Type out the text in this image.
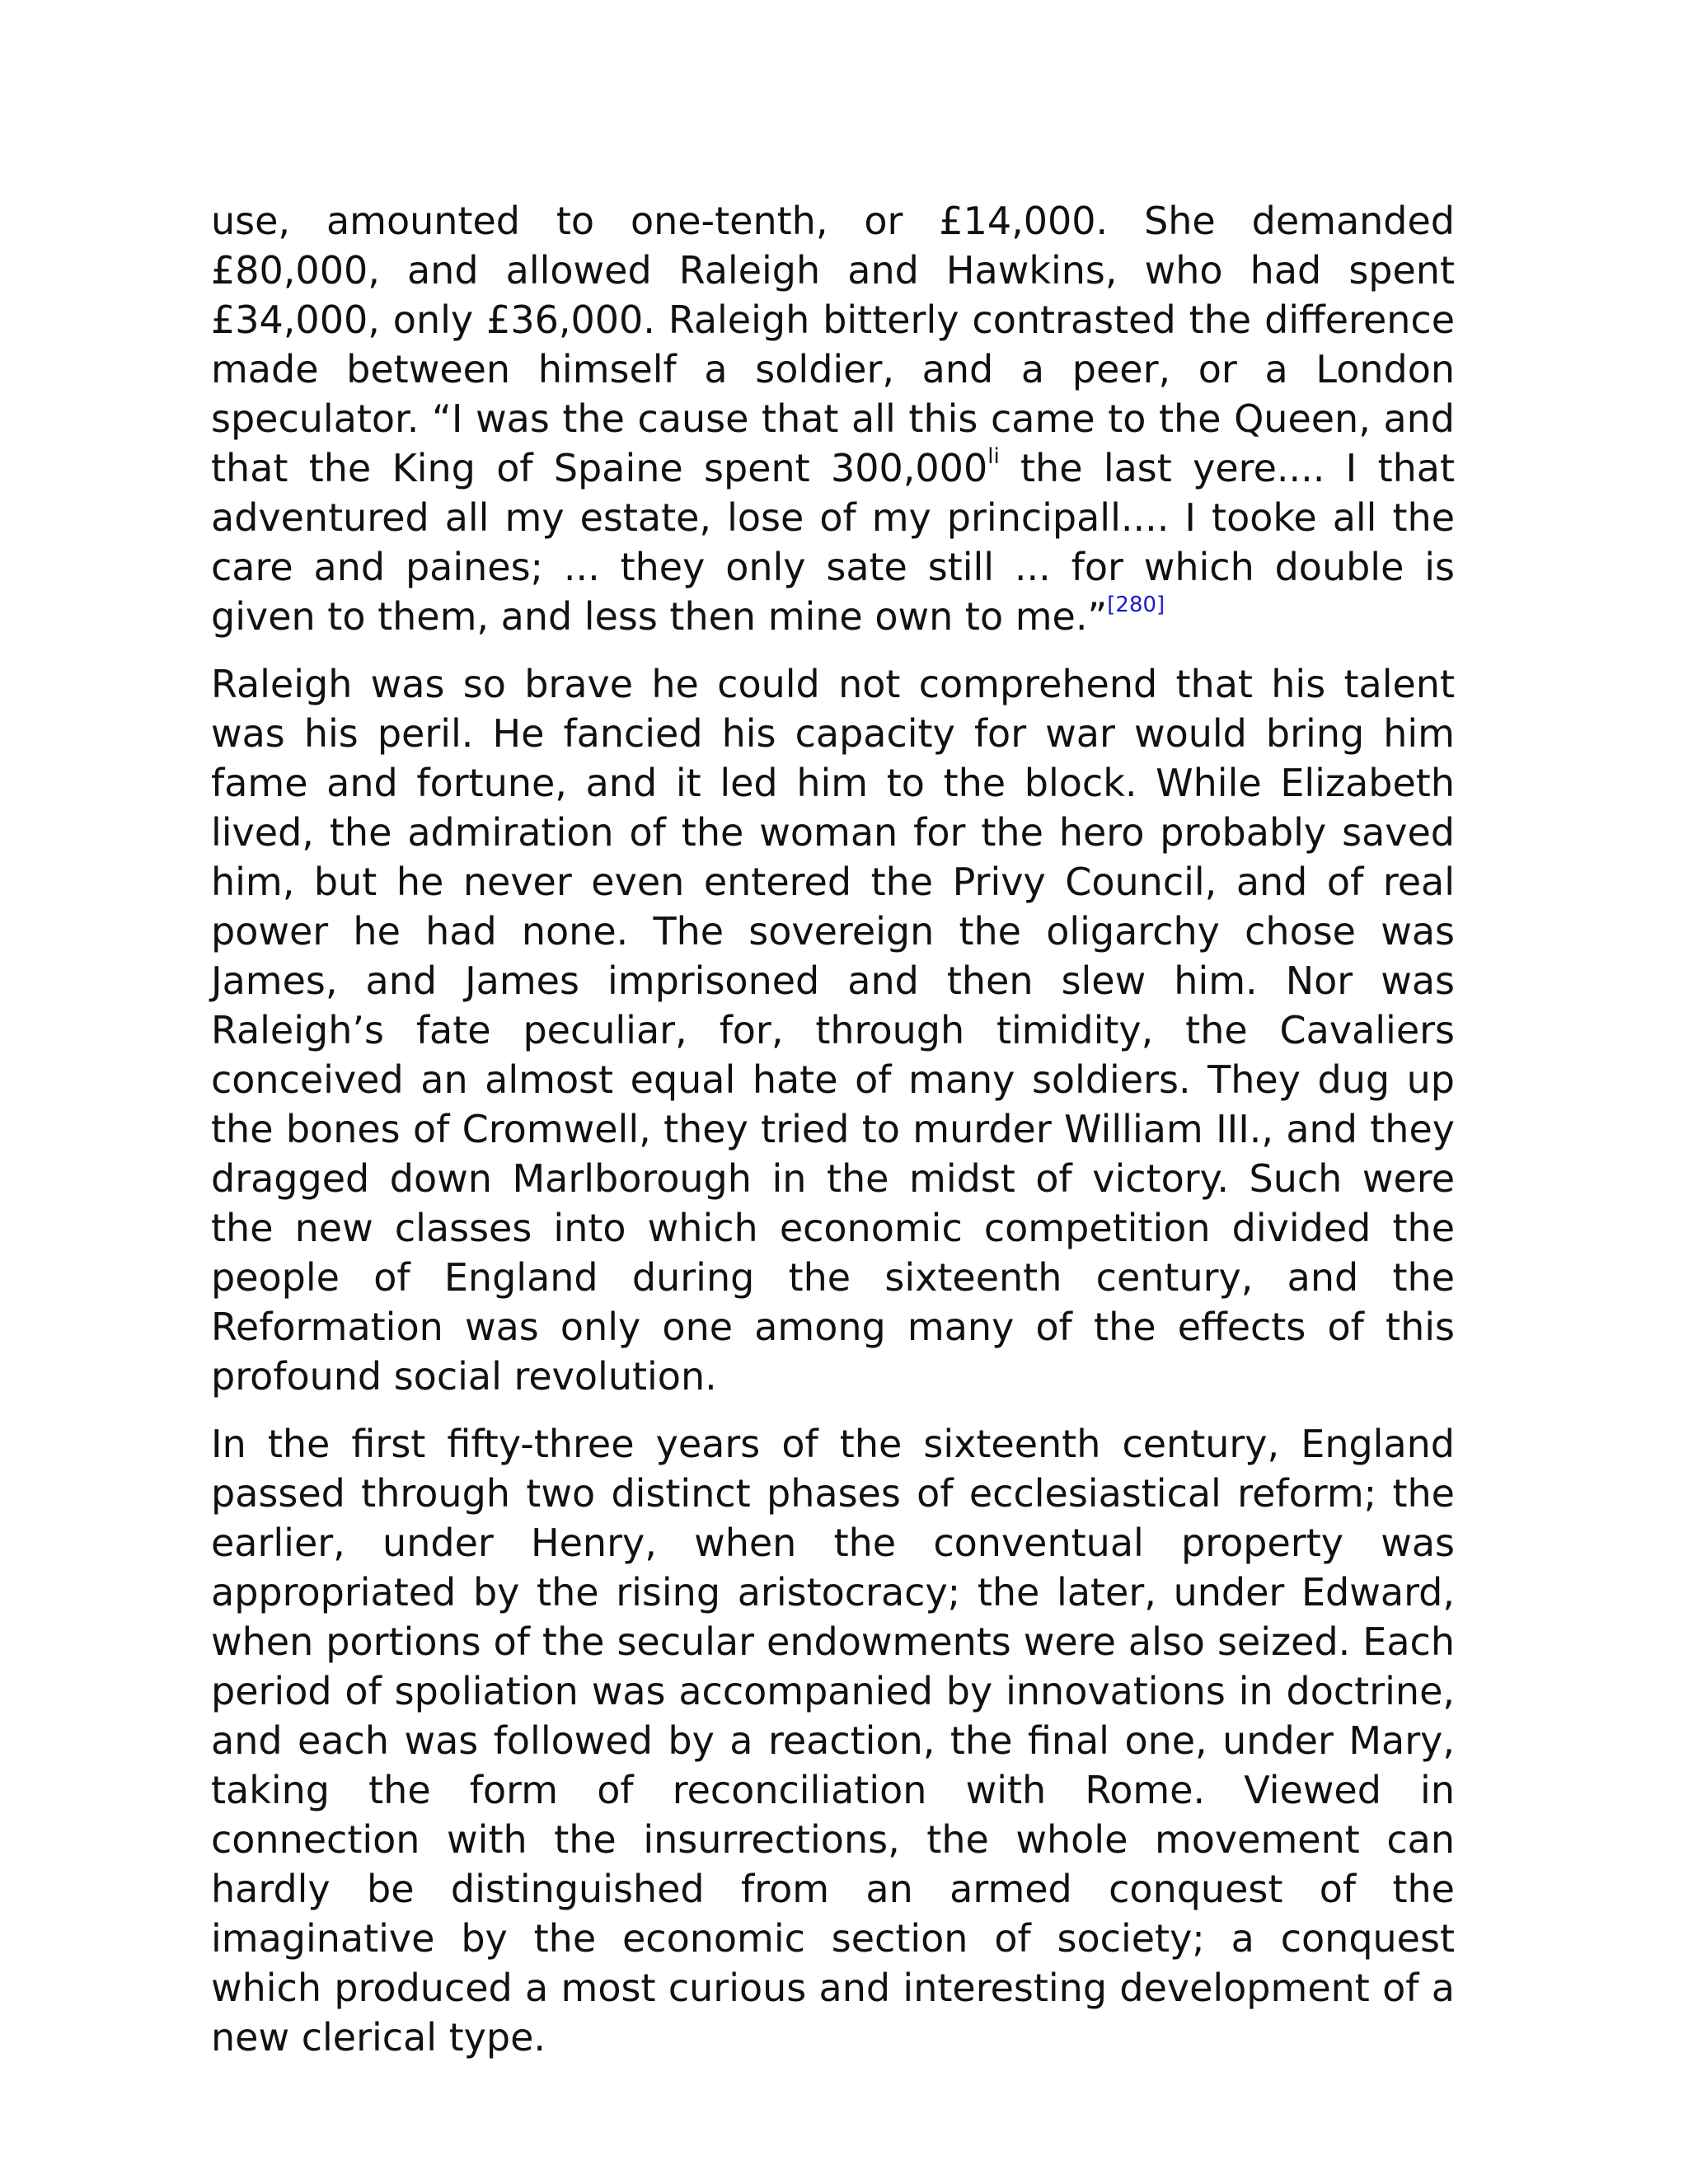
use, amounted to one-tenth, or £14,000. She demanded £80,000, and allowed Raleigh and Hawkins, who had spent £34,000, only £36,000. Raleigh bitterly contrasted the difference made between himself a soldier, and a peer, or a London speculator. “I was the cause that all this came to the Queen, and that the King of Spaine spent $300,000^{li}$ the last yere.... I that adventured all my estate, lose of my principall.... I tooke all the care and paines; ... they only sate still ... for which double is given to them, and less then mine own to me.”[280]

Raleigh was so brave he could not comprehend that his talent was his peril. He fancied his capacity for war would bring him fame and fortune, and it led him to the block. While Elizabeth lived, the admiration of the woman for the hero probably saved him, but he never even entered the Privy Council, and of real power he had none. The sovereign the oligarchy chose was James, and James imprisoned and then slew him. Nor was Raleigh’s fate peculiar, for, through timidity, the Cavaliers conceived an almost equal hate of many soldiers. They dug up the bones of Cromwell, they tried to murder William III., and they dragged down Marlborough in the midst of victory. Such were the new classes into which economic competition divided the people of England during the sixteenth century, and the Reformation was only one among many of the effects of this profound social revolution.

In the first fifty-three years of the sixteenth century, England passed through two distinct phases of ecclesiastical reform; the earlier, under Henry, when the conventual property was appropriated by the rising aristocracy; the later, under Edward, when portions of the secular endowments were also seized. Each period of spoliation was accompanied by innovations in doctrine, and each was followed by a reaction, the final one, under Mary, taking the form of reconciliation with Rome. Viewed in connection with the insurrections, the whole movement can hardly be distinguished from an armed conquest of the imaginative by the economic section of society; a conquest which produced a most curious and interesting development of a new clerical type.
